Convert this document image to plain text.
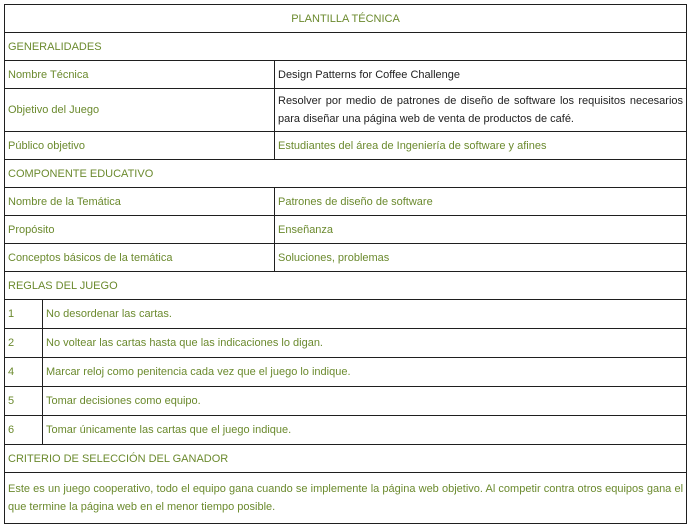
PLANTILLA TÉCNICA		
GENERALIDADES		
Nombre Técnica		Design Patterns for Coffee Challenge
Objetivo del Juego		Resolver por medio de patrones de diseño de software los requisitos necesarios para diseñar una página web de venta de productos de café.
Público objetivo		Estudiantes del área de Ingeniería de software y afines
COMPONENTE EDUCATIVO		
Nombre de la Temática		Patrones de diseño de software
Propósito		Enseñanza
Conceptos básicos de la temática		Soluciones, problemas
REGLAS DEL JUEGO		
1	No desordenar las cartas.	
2	No voltear las cartas hasta que las indicaciones lo digan.	
4	Marcar reloj como penitencia cada vez que el juego lo indique.	
5	Tomar decisiones como equipo.	
6	Tomar únicamente las cartas que el juego indique.	
CRITERIO DE SELECCIÓN DEL GANADOR		
Este es un juego cooperativo, todo el equipo gana cuando se implemente la página web objetivo. Al competir contra otros equipos gana el que termine la página web en el menor tiempo posible.		
